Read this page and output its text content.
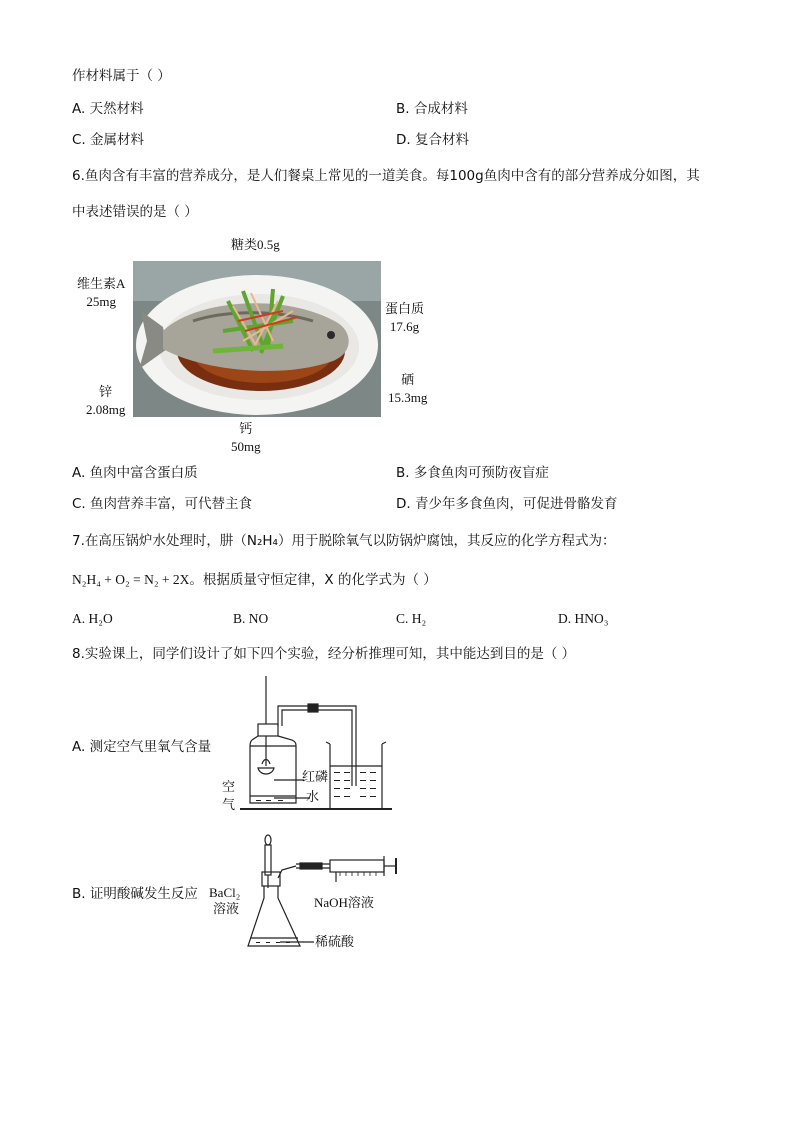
作材料属于（ ）
A. 天然材料	B. 合成材料
C. 金属材料	D. 复合材料
6.鱼肉含有丰富的营养成分，是人们餐桌上常见的一道美食。每100g鱼肉中含有的部分营养成分如图，其
中表述错误的是（ ）
糖类0.5g
维生素A
25mg	蛋白质
17.6g
锌
2.08mg
硒
15.3mg
钙
50mg
A. 鱼肉中富含蛋白质	B. 多食鱼肉可预防夜盲症
C. 鱼肉营养丰富，可代替主食	D. 青少年多食鱼肉，可促进骨骼发育
7.在高压锅炉水处理时，肼（N₂H₄）用于脱除氧气以防锅炉腐蚀，其反应的化学方程式为：
N₂H₄ + O₂ = N₂ + 2X。根据质量守恒定律，X 的化学式为（ ）
A. H₂O	B. NO	C. H₂	D. HNO₃
8.实验课上，同学们设计了如下四个实验，经分析推理可知，其中能达到目的是（ ）
A. 测定空气里氧气含量
红磷
水
空
气
B. 证明酸碱发生反应 BaCl₂
溶液	NaOH溶液
稀硫酸
